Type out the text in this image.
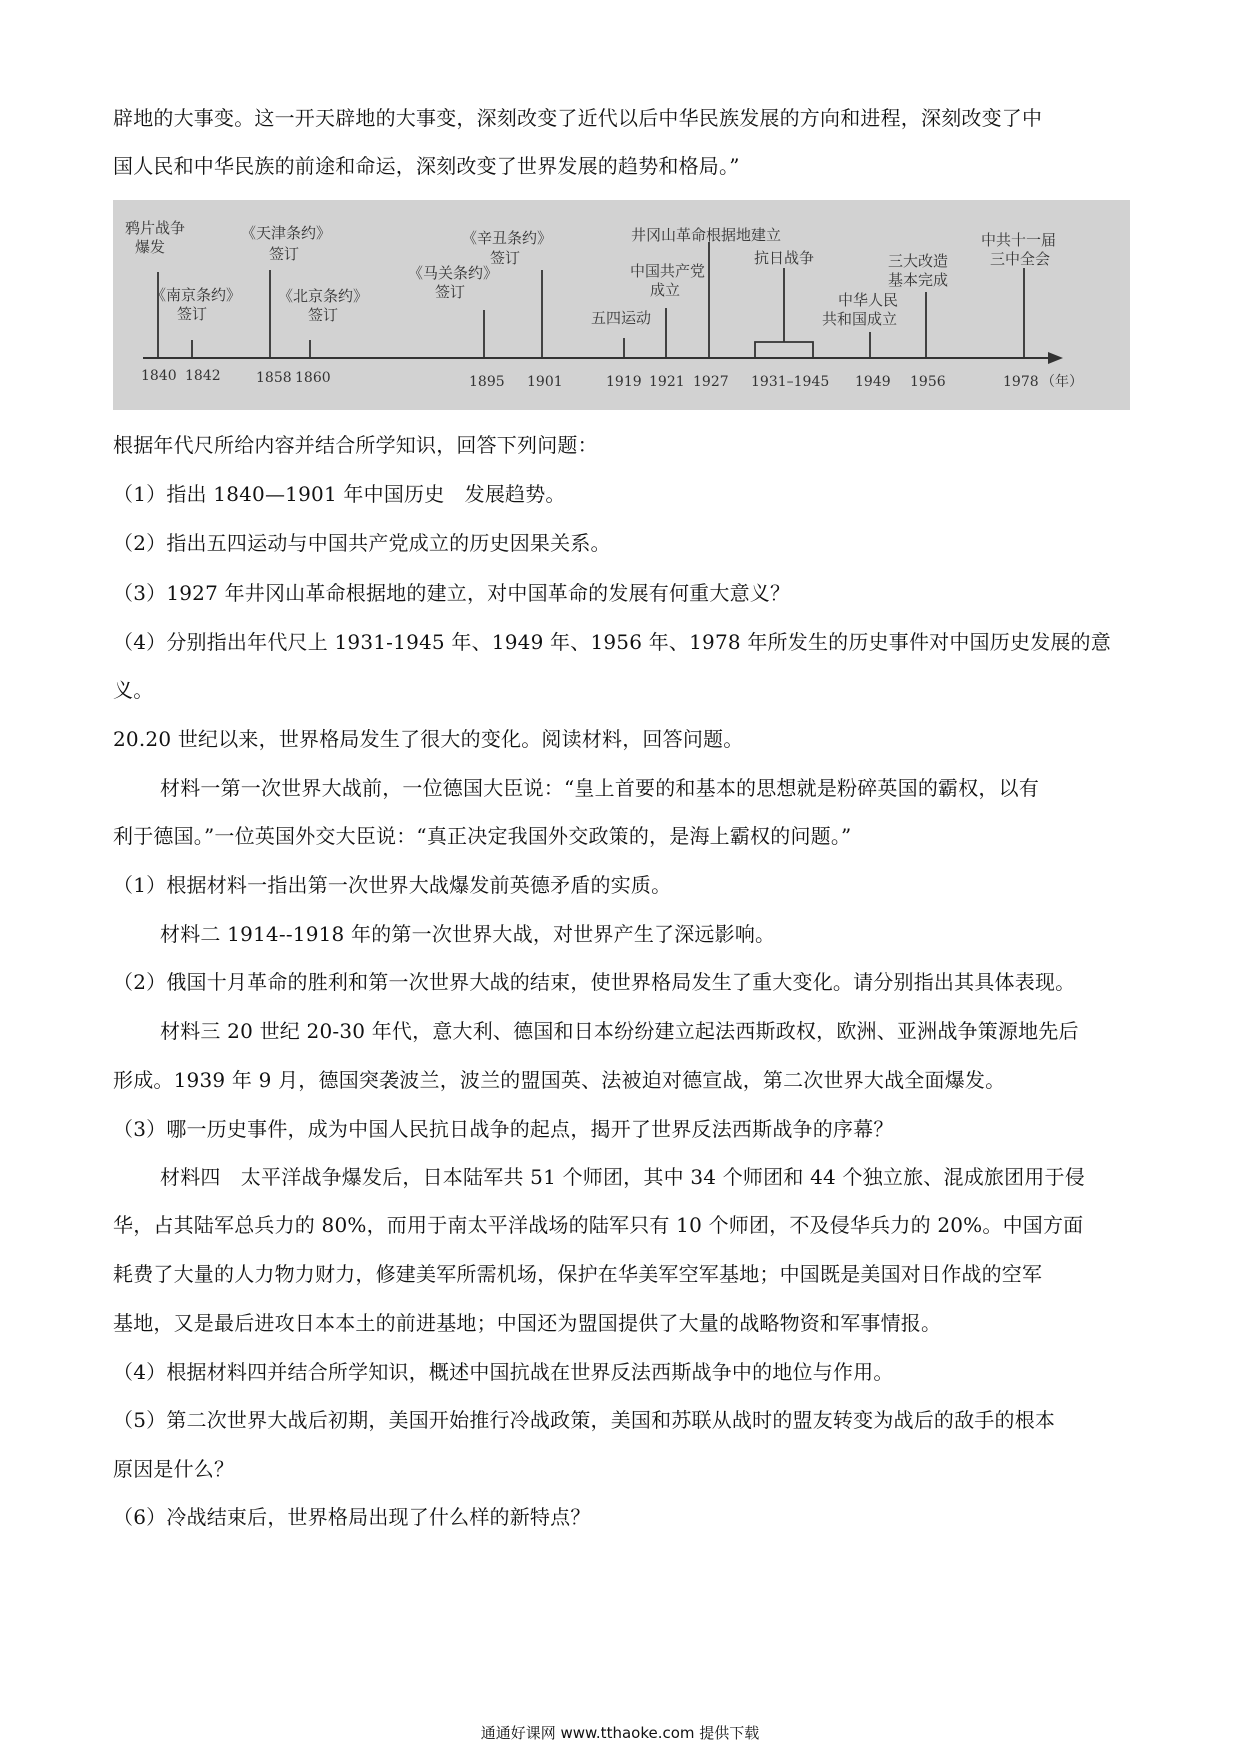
辟地的大事变。这一开天辟地的大事变，深刻改变了近代以后中华民族发展的方向和进程，深刻改变了中
国人民和中华民族的前途和命运，深刻改变了世界发展的趋势和格局。”
鸦片战争
爆发
《南京条约》
签订
《天津条约》
签订
《北京条约》
签订
《马关条约》
签订
《辛丑条约》
签订
五四运动
中国共产党
成立
井冈山革命根据地建立
抗日战争
中华人民
共和国成立
三大改造
基本完成
中共十一届
三中全会
1840 1842	1858 1860	1895 1901	1919 1921 1927 1931–1945 1949 1956	1978 （年）
根据年代尺所给内容并结合所学知识，回答下列问题：
（1）指出 1840—1901 年中国历史　发展趋势。
（2）指出五四运动与中国共产党成立的历史因果关系。
（3）1927 年井冈山革命根据地的建立，对中国革命的发展有何重大意义？
（4）分别指出年代尺上 1931-1945 年、1949 年、1956 年、1978 年所发生的历史事件对中国历史发展的意
义。
20.20 世纪以来，世界格局发生了很大的变化。阅读材料，回答问题。
材料一第一次世界大战前，一位德国大臣说：“皇上首要的和基本的思想就是粉碎英国的霸权，以有
利于德国。”一位英国外交大臣说：“真正决定我国外交政策的，是海上霸权的问题。”
（1）根据材料一指出第一次世界大战爆发前英德矛盾的实质。
材料二 1914--1918 年的第一次世界大战，对世界产生了深远影响。
（2）俄国十月革命的胜利和第一次世界大战的结束，使世界格局发生了重大变化。请分别指出其具体表现。
材料三 20 世纪 20-30 年代，意大利、德国和日本纷纷建立起法西斯政权，欧洲、亚洲战争策源地先后
形成。1939 年 9 月，德国突袭波兰，波兰的盟国英、法被迫对德宣战，第二次世界大战全面爆发。
（3）哪一历史事件，成为中国人民抗日战争的起点，揭开了世界反法西斯战争的序幕？
材料四　太平洋战争爆发后，日本陆军共 51 个师团，其中 34 个师团和 44 个独立旅、混成旅团用于侵
华，占其陆军总兵力的 80%，而用于南太平洋战场的陆军只有 10 个师团，不及侵华兵力的 20%。中国方面
耗费了大量的人力物力财力，修建美军所需机场，保护在华美军空军基地；中国既是美国对日作战的空军
基地，又是最后进攻日本本土的前进基地；中国还为盟国提供了大量的战略物资和军事情报。
（4）根据材料四并结合所学知识，概述中国抗战在世界反法西斯战争中的地位与作用。
（5）第二次世界大战后初期，美国开始推行冷战政策，美国和苏联从战时的盟友转变为战后的敌手的根本
原因是什么？
（6）冷战结束后，世界格局出现了什么样的新特点？
通通好课网 www.tthaoke.com 提供下载
